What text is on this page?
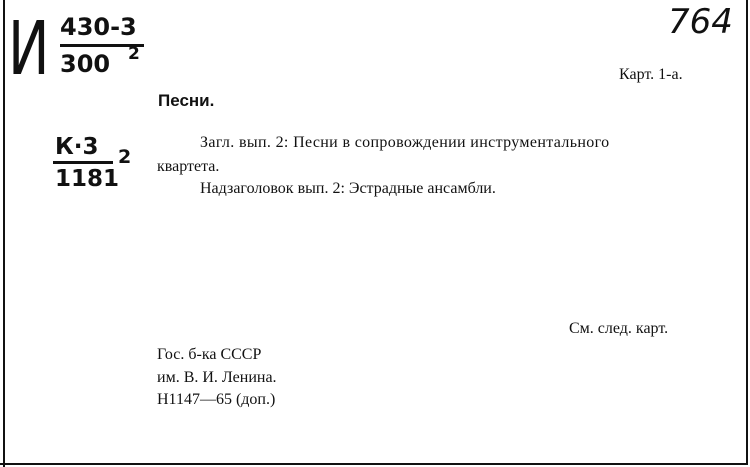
И 430-3
300 2
К·3
1181
2
764
Карт. 1-а.
Песни.
Загл. вып. 2: Песни в сопровождении инструментального
квартета.
Надзаголовок вып. 2: Эстрадные ансамбли.
См. след. карт.
Гос. б-ка СССР
им. В. И. Ленина.
Н1147—65 (доп.)
